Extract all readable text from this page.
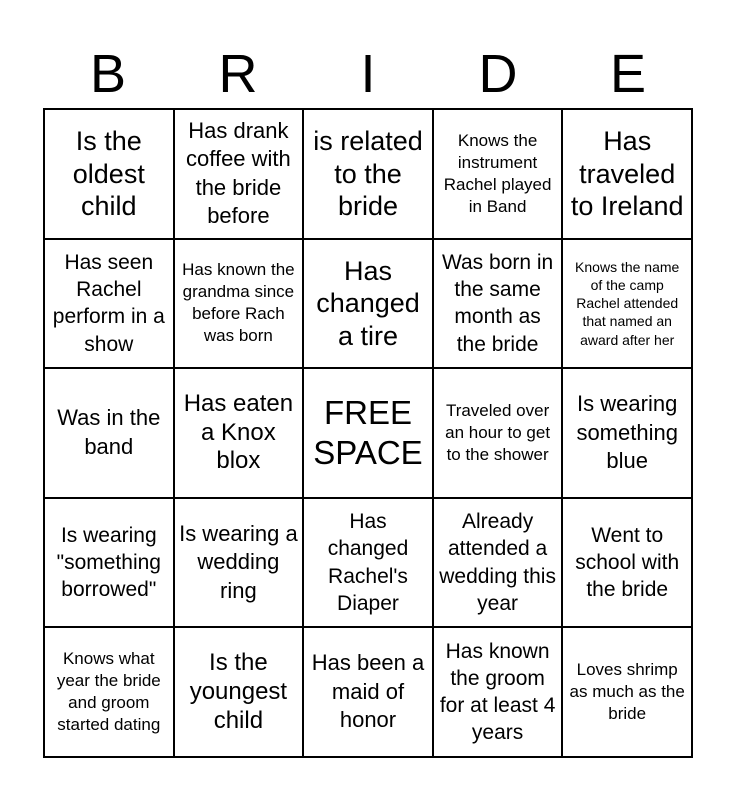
B	R	I	D	E
Is the oldest child
Has drank coffee with the bride before
is related to the bride
Knows the instrument Rachel played in Band
Has traveled to Ireland
Has seen Rachel perform in a show
Has known the grandma since before Rach was born
Has changed a tire
Was born in the same month as the bride
Knows the name of the camp Rachel attended that named an award after her
Was in the band
Has eaten a Knox blox
FREE SPACE
Traveled over an hour to get to the shower
Is wearing something blue
Is wearing "something borrowed"
Is wearing a wedding ring
Has changed Rachel's Diaper
Already attended a wedding this year
Went to school with the bride
Knows what year the bride and groom started dating
Is the youngest child
Has been a maid of honor
Has known the groom for at least 4 years
Loves shrimp as much as the bride
